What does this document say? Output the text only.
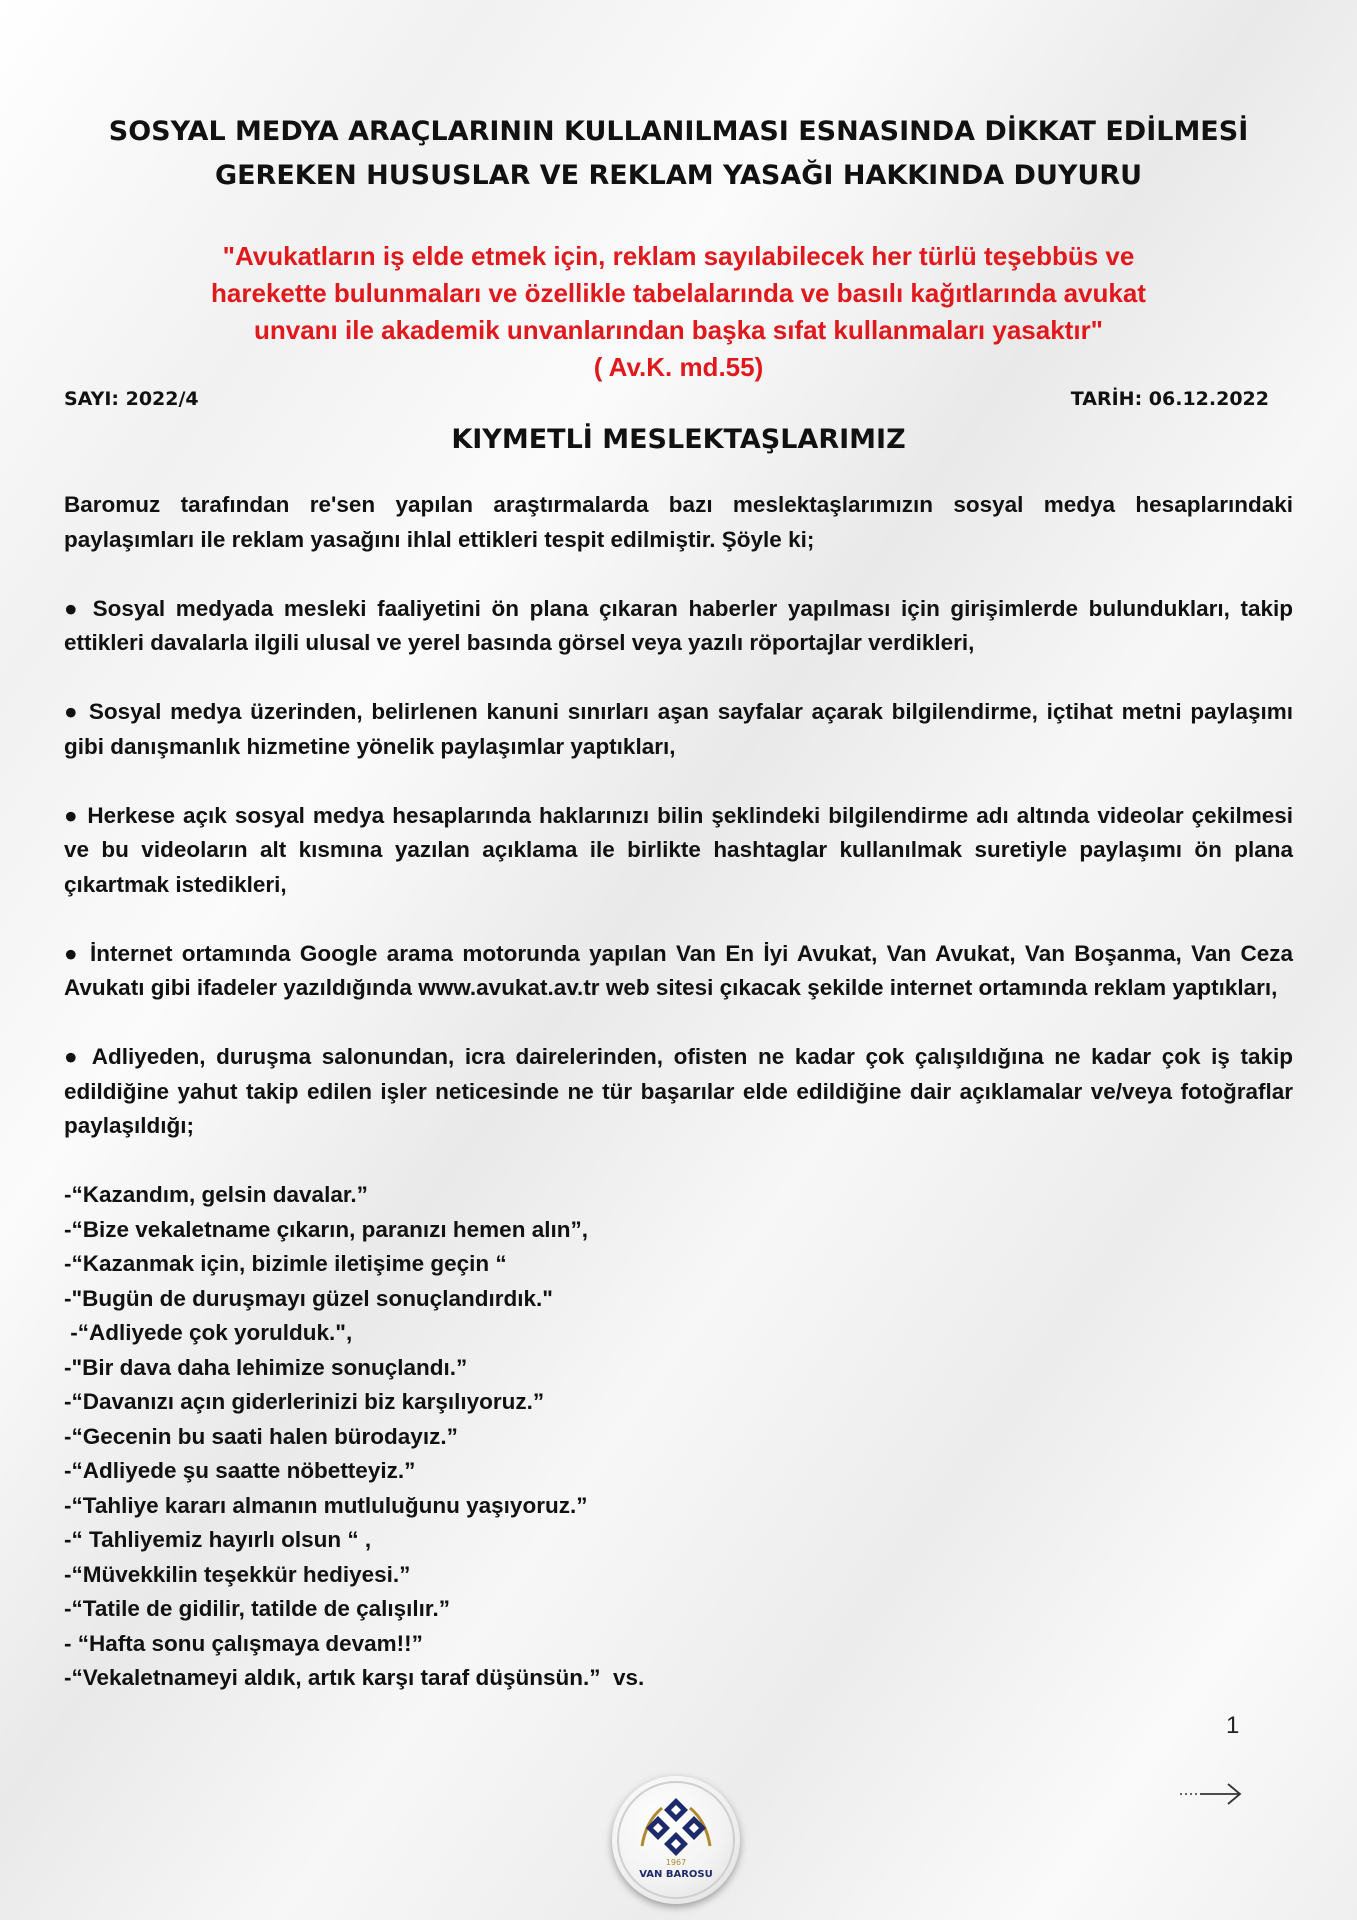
SOSYAL MEDYA ARAÇLARININ KULLANILMASI ESNASINDA DİKKAT EDİLMESİ
GEREKEN HUSUSLAR VE REKLAM YASAĞI HAKKINDA DUYURU
"Avukatların iş elde etmek için, reklam sayılabilecek her türlü teşebbüs ve
harekette bulunmaları ve özellikle tabelalarında ve basılı kağıtlarında avukat
unvanı ile akademik unvanlarından başka sıfat kullanmaları yasaktır"
( Av.K. md.55)
SAYI: 2022/4	TARİH: 06.12.2022
KIYMETLİ MESLEKTAŞLARIMIZ

Baromuz tarafından re'sen yapılan araştırmalarda bazı meslektaşlarımızın sosyal medya hesaplarındaki paylaşımları ile reklam yasağını ihlal ettikleri tespit edilmiştir. Şöyle ki;

● Sosyal medyada mesleki faaliyetini ön plana çıkaran haberler yapılması için girişimlerde bulundukları, takip ettikleri davalarla ilgili ulusal ve yerel basında görsel veya yazılı röportajlar verdikleri,

● Sosyal medya üzerinden, belirlenen kanuni sınırları aşan sayfalar açarak bilgilendirme, içtihat metni paylaşımı gibi danışmanlık hizmetine yönelik paylaşımlar yaptıkları,

● Herkese açık sosyal medya hesaplarında haklarınızı bilin şeklindeki bilgilendirme adı altında videolar çekilmesi ve bu videoların alt kısmına yazılan açıklama ile birlikte hashtaglar kullanılmak suretiyle paylaşımı ön plana çıkartmak istedikleri,

● İnternet ortamında Google arama motorunda yapılan Van En İyi Avukat, Van Avukat, Van Boşanma, Van Ceza Avukatı gibi ifadeler yazıldığında www.avukat.av.tr web sitesi çıkacak şekilde internet ortamında reklam yaptıkları,

● Adliyeden, duruşma salonundan, icra dairelerinden, ofisten ne kadar çok çalışıldığına ne kadar çok iş takip edildiğine yahut takip edilen işler neticesinde ne tür başarılar elde edildiğine dair açıklamalar ve/veya fotoğraflar paylaşıldığı;

-“Kazandım, gelsin davalar.”
-“Bize vekaletname çıkarın, paranızı hemen alın”,
-“Kazanmak için, bizimle iletişime geçin “
-"Bugün de duruşmayı güzel sonuçlandırdık."
-“Adliyede çok yorulduk.",
-"Bir dava daha lehimize sonuçlandı.”
-“Davanızı açın giderlerinizi biz karşılıyoruz.”
-“Gecenin bu saati halen bürodayız.”
-“Adliyede şu saatte nöbetteyiz.”
-“Tahliye kararı almanın mutluluğunu yaşıyoruz.”
-“ Tahliyemiz hayırlı olsun “ ,
-“Müvekkilin teşekkür hediyesi.”
-“Tatile de gidilir, tatilde de çalışılır.”
- “Hafta sonu çalışmaya devam!!”
-“Vekaletnameyi aldık, artık karşı taraf düşünsün.”  vs.
1
1967
VAN BAROSU
